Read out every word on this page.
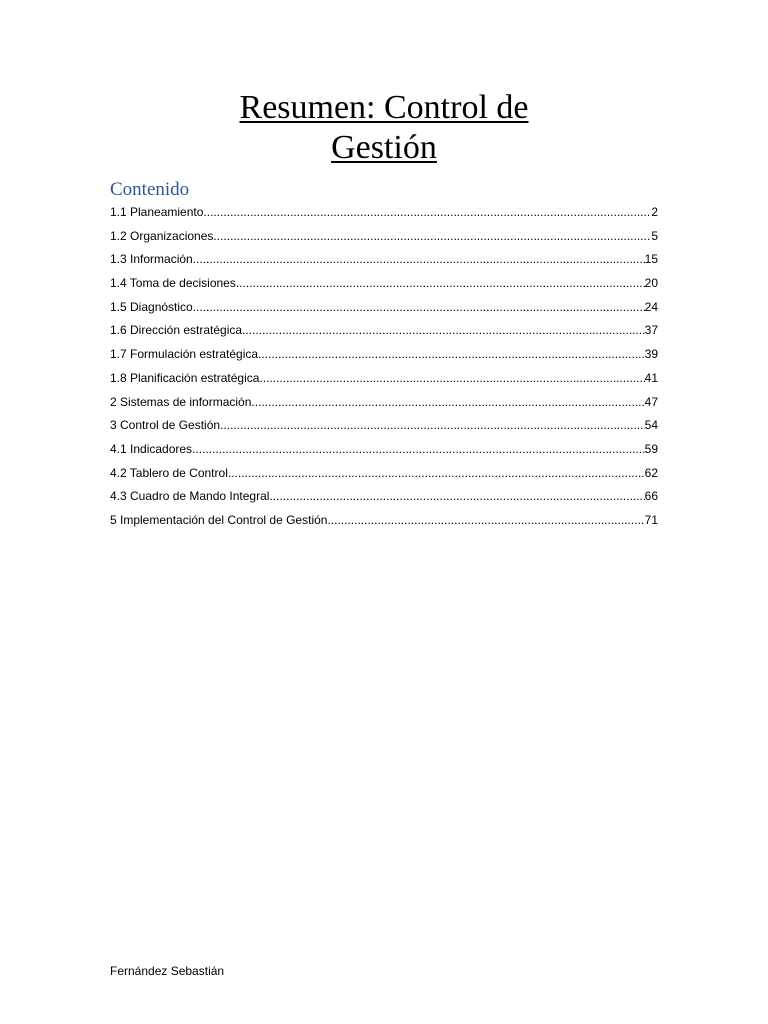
Resumen: Control de
Gestión
Contenido
1.1 Planeamiento .....	2
1.2 Organizaciones .....	5
1.3 Información .....	15
1.4 Toma de decisiones .....	20
1.5 Diagnóstico .....	24
1.6 Dirección estratégica .....	37
1.7 Formulación estratégica .....	39
1.8 Planificación estratégica .....	41
2 Sistemas de información .....	47
3 Control de Gestión .....	54
4.1 Indicadores .....	59
4.2 Tablero de Control .....	62
4.3 Cuadro de Mando Integral .....	66
5 Implementación del Control de Gestión .....	71
Fernández Sebastián
